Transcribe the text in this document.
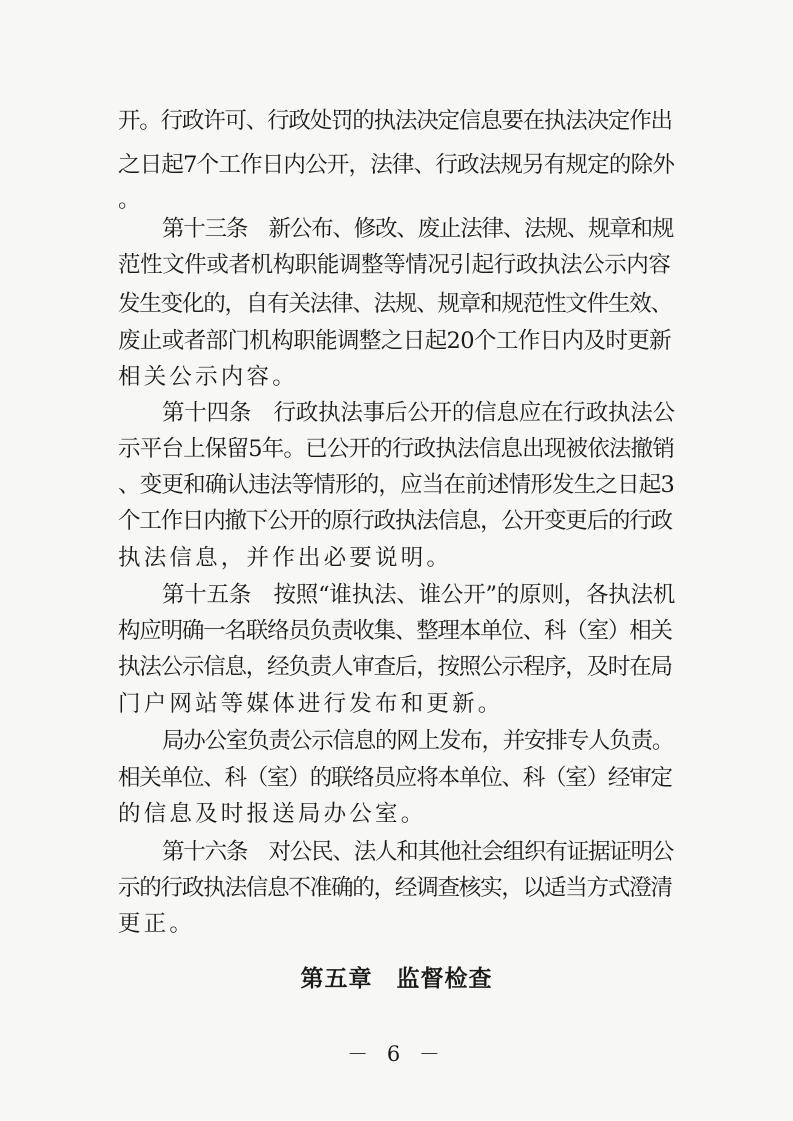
开。行政许可、行政处罚的执法决定信息要在执法决定作出
之日起7个工作日内公开，法律、行政法规另有规定的除外
。
第十三条　新公布、修改、废止法律、法规、规章和规
范性文件或者机构职能调整等情况引起行政执法公示内容
发生变化的，自有关法律、法规、规章和规范性文件生效、
废止或者部门机构职能调整之日起20个工作日内及时更新
相关公示内容。
第十四条　行政执法事后公开的信息应在行政执法公
示平台上保留5年。已公开的行政执法信息出现被依法撤销
、变更和确认违法等情形的，应当在前述情形发生之日起3
个工作日内撤下公开的原行政执法信息，公开变更后的行政
执法信息，并作出必要说明。
第十五条　按照“谁执法、谁公开”的原则，各执法机
构应明确一名联络员负责收集、整理本单位、科（室）相关
执法公示信息，经负责人审查后，按照公示程序，及时在局
门户网站等媒体进行发布和更新。
局办公室负责公示信息的网上发布，并安排专人负责。
相关单位、科（室）的联络员应将本单位、科（室）经审定
的信息及时报送局办公室。
第十六条　对公民、法人和其他社会组织有证据证明公
示的行政执法信息不准确的，经调查核实，以适当方式澄清
更正。
第五章　监督检查
－ 6 －
